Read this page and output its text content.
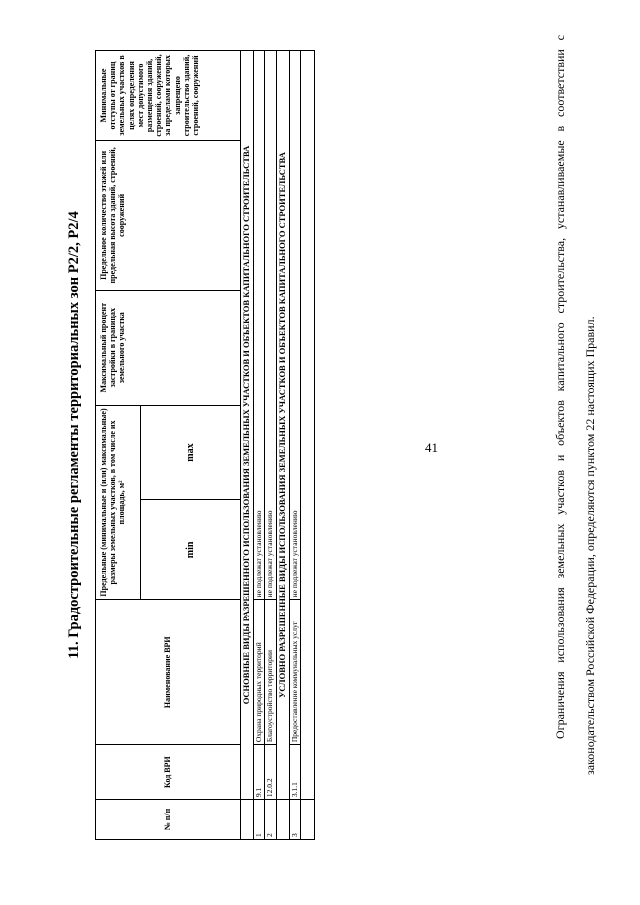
41
11. Градостроительные регламенты территориальных зон Р2/2, Р2/4
№ п/п	Код ВРИ	Наименование ВРИ	Предельные (минимальные и (или) максимальные) размеры земельных участков, в том числе их площадь, м²		Максимальный процент застройки в границах земельного участка	Предельное количество этажей или предельная высота зданий, строений, сооружений	Минимальные отступы от границ земельных участков в целях определения мест допустимого размещения зданий, строений, сооружений, за пределами которых запрещено строительство зданий, строений, сооружений
			min	max			
	ОСНОВНЫЕ ВИДЫ РАЗРЕШЕННОГО ИСПОЛЬЗОВАНИЯ ЗЕМЕЛЬНЫХ УЧАСТКОВ И ОБЪЕКТОВ КАПИТАЛЬНОГО СТРОИТЕЛЬСТВА						
1	9.1	Охрана природных территорий	не подлежат установлению				
2	12.0.2	Благоустройство территории	не подлежат установлению				
	УСЛОВНО РАЗРЕШЕННЫЕ ВИДЫ ИСПОЛЬЗОВАНИЯ ЗЕМЕЛЬНЫХ УЧАСТКОВ И ОБЪЕКТОВ КАПИТАЛЬНОГО СТРОИТЕЛЬСТВА						
3	3.1.1	Предоставление коммунальных услуг	не подлежат установлению				
		Ограничения использования земельных участков и объектов капитального строительства, устанавливаемые в соответствии с законодательством Российской Федерации, определяются пунктом 22 настоящих Правил.
